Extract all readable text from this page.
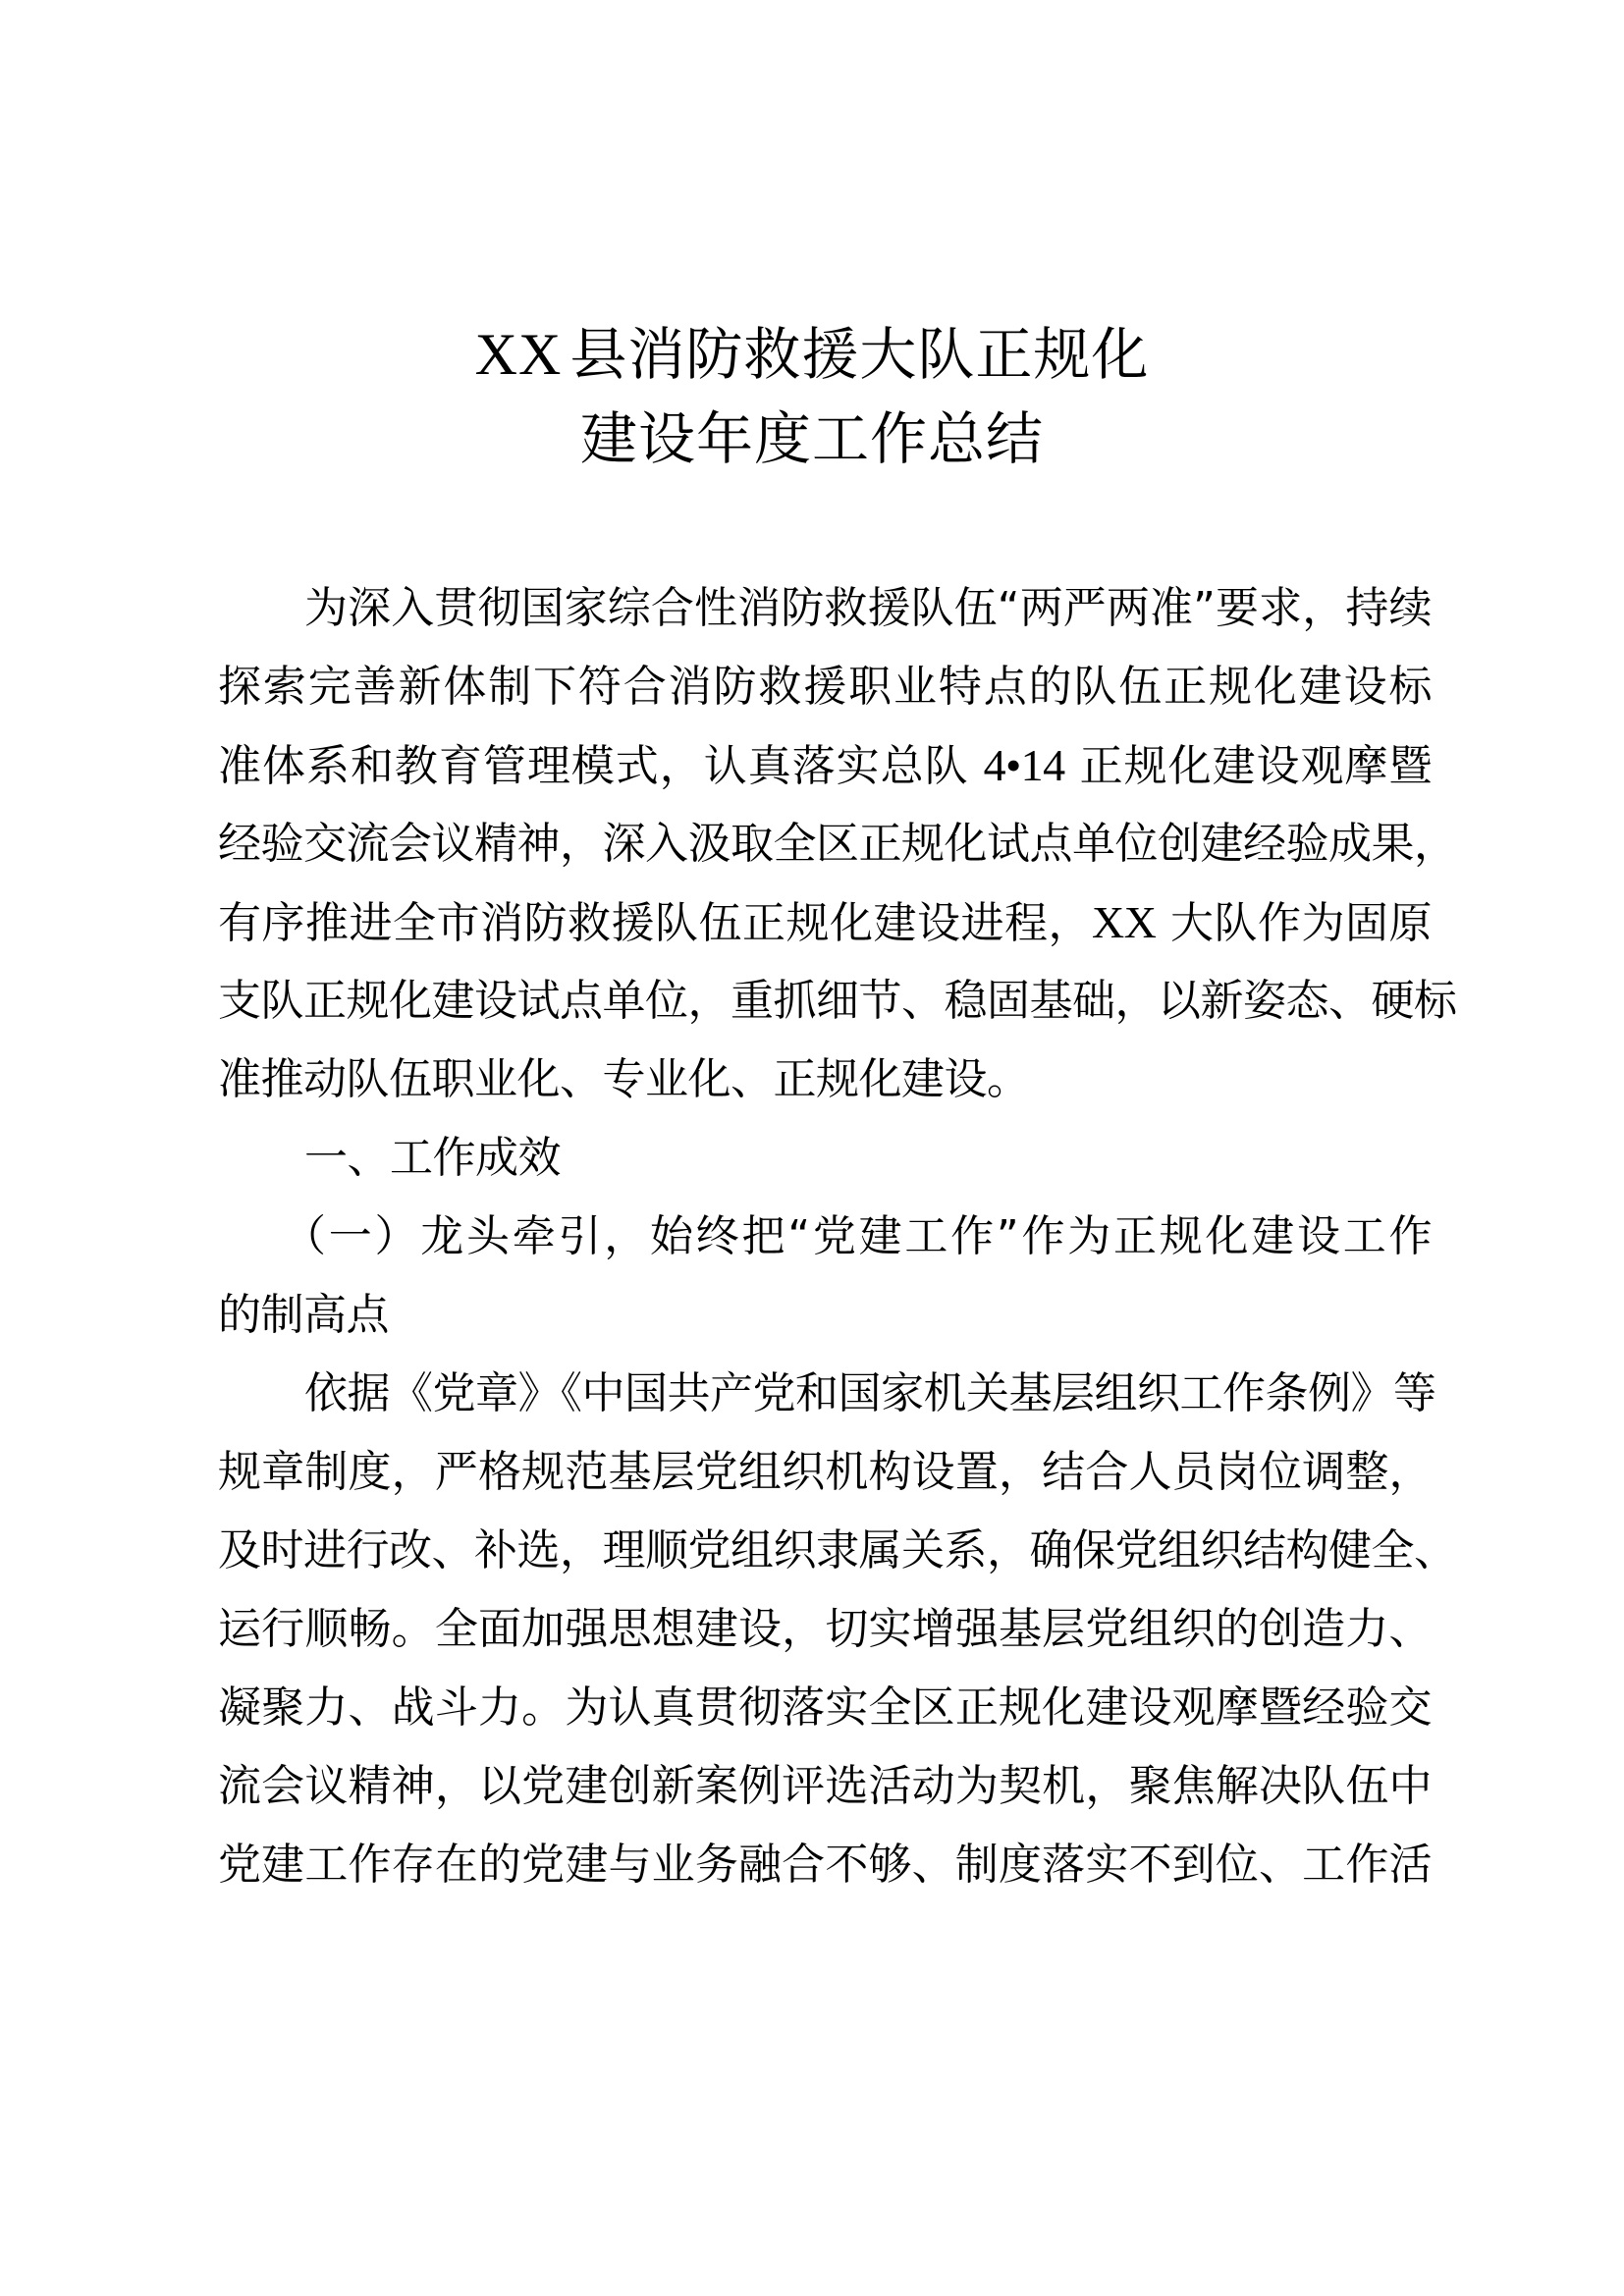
XX 县消防救援大队正规化
建设年度工作总结
为深入贯彻国家综合性消防救援队伍“两严两准”要求，持续
探索完善新体制下符合消防救援职业特点的队伍正规化建设标
准体系和教育管理模式，认真落实总队 4•14 正规化建设观摩暨
经验交流会议精神，深入汲取全区正规化试点单位创建经验成果，
有序推进全市消防救援队伍正规化建设进程，XX 大队作为固原
支队正规化建设试点单位，重抓细节、稳固基础，以新姿态、硬标
准推动队伍职业化、专业化、正规化建设。
一、工作成效
（一）龙头牵引，始终把“党建工作”作为正规化建设工作
的制高点
依据《党章》《中国共产党和国家机关基层组织工作条例》等
规章制度，严格规范基层党组织机构设置，结合人员岗位调整，
及时进行改、补选，理顺党组织隶属关系，确保党组织结构健全、
运行顺畅。全面加强思想建设，切实增强基层党组织的创造力、
凝聚力、战斗力。为认真贯彻落实全区正规化建设观摩暨经验交
流会议精神，以党建创新案例评选活动为契机，聚焦解决队伍中
党建工作存在的党建与业务融合不够、制度落实不到位、工作活
